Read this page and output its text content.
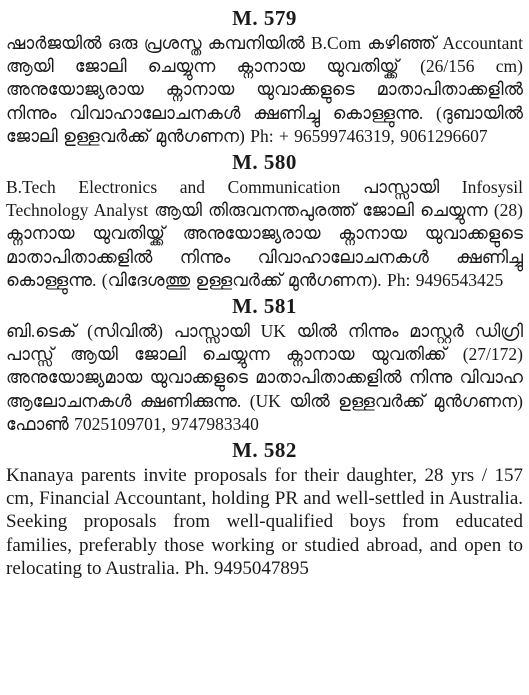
M. 579

ഷാർജയിൽ ഒരു പ്രശസ്ത കമ്പനിയിൽ B.Com കഴിഞ്ഞ് Accountant ആയി ജോലി ചെയ്യുന്ന ക്നാനായ യുവതിയ്ക്ക് (26/156 cm) അനുയോജ്യരായ ക്നാനായ യുവാക്കളുടെ മാതാപിതാക്കളിൽ നിന്നും വിവാഹാലോചനകൾ ക്ഷണിച്ചു കൊള്ളുന്നു. (ദുബായിൽ ജോലി ഉള്ളവർക്ക് മുൻഗണന) Ph: + 96599746319, 9061296607

M. 580

B.Tech Electronics and Communication പാസ്സായി Infosysil Technology Analyst ആയി തിരുവനന്തപുരത്ത് ജോലി ചെയ്യുന്ന (28) ക്നാനായ യുവതിയ്ക്ക് അനുയോജ്യരായ ക്നാനായ യുവാക്കളുടെ മാതാപിതാക്കളിൽ നിന്നും വിവാഹാലോചനകൾ ക്ഷണിച്ചു കൊള്ളുന്നു. (വിദേശത്തു ഉള്ളവർക്ക് മുൻഗണന). Ph: 9496543425

M. 581

ബി.ടെക് (സിവിൽ) പാസ്സായി UK യിൽ നിന്നും മാസ്റ്റർ ഡിഗ്രി പാസ്സ് ആയി ജോലി ചെയ്യുന്ന ക്നാനായ യുവതിക്ക് (27/172) അനുയോജ്യമായ യുവാക്കളുടെ മാതാപിതാക്കളിൽ നിന്നു വിവാഹ ആലോചനകൾ ക്ഷണിക്കുന്നു. (UK യിൽ ഉള്ളവർക്ക് മുൻഗണന) ഫോൺ 7025109701, 9747983340

M. 582

Knanaya parents invite proposals for their daughter, 28 yrs / 157 cm, Financial Accountant, holding PR and well-settled in Australia. Seeking proposals from well-qualified boys from educated families, preferably those working or studied abroad, and open to relocating to Australia. Ph. 9495047895
